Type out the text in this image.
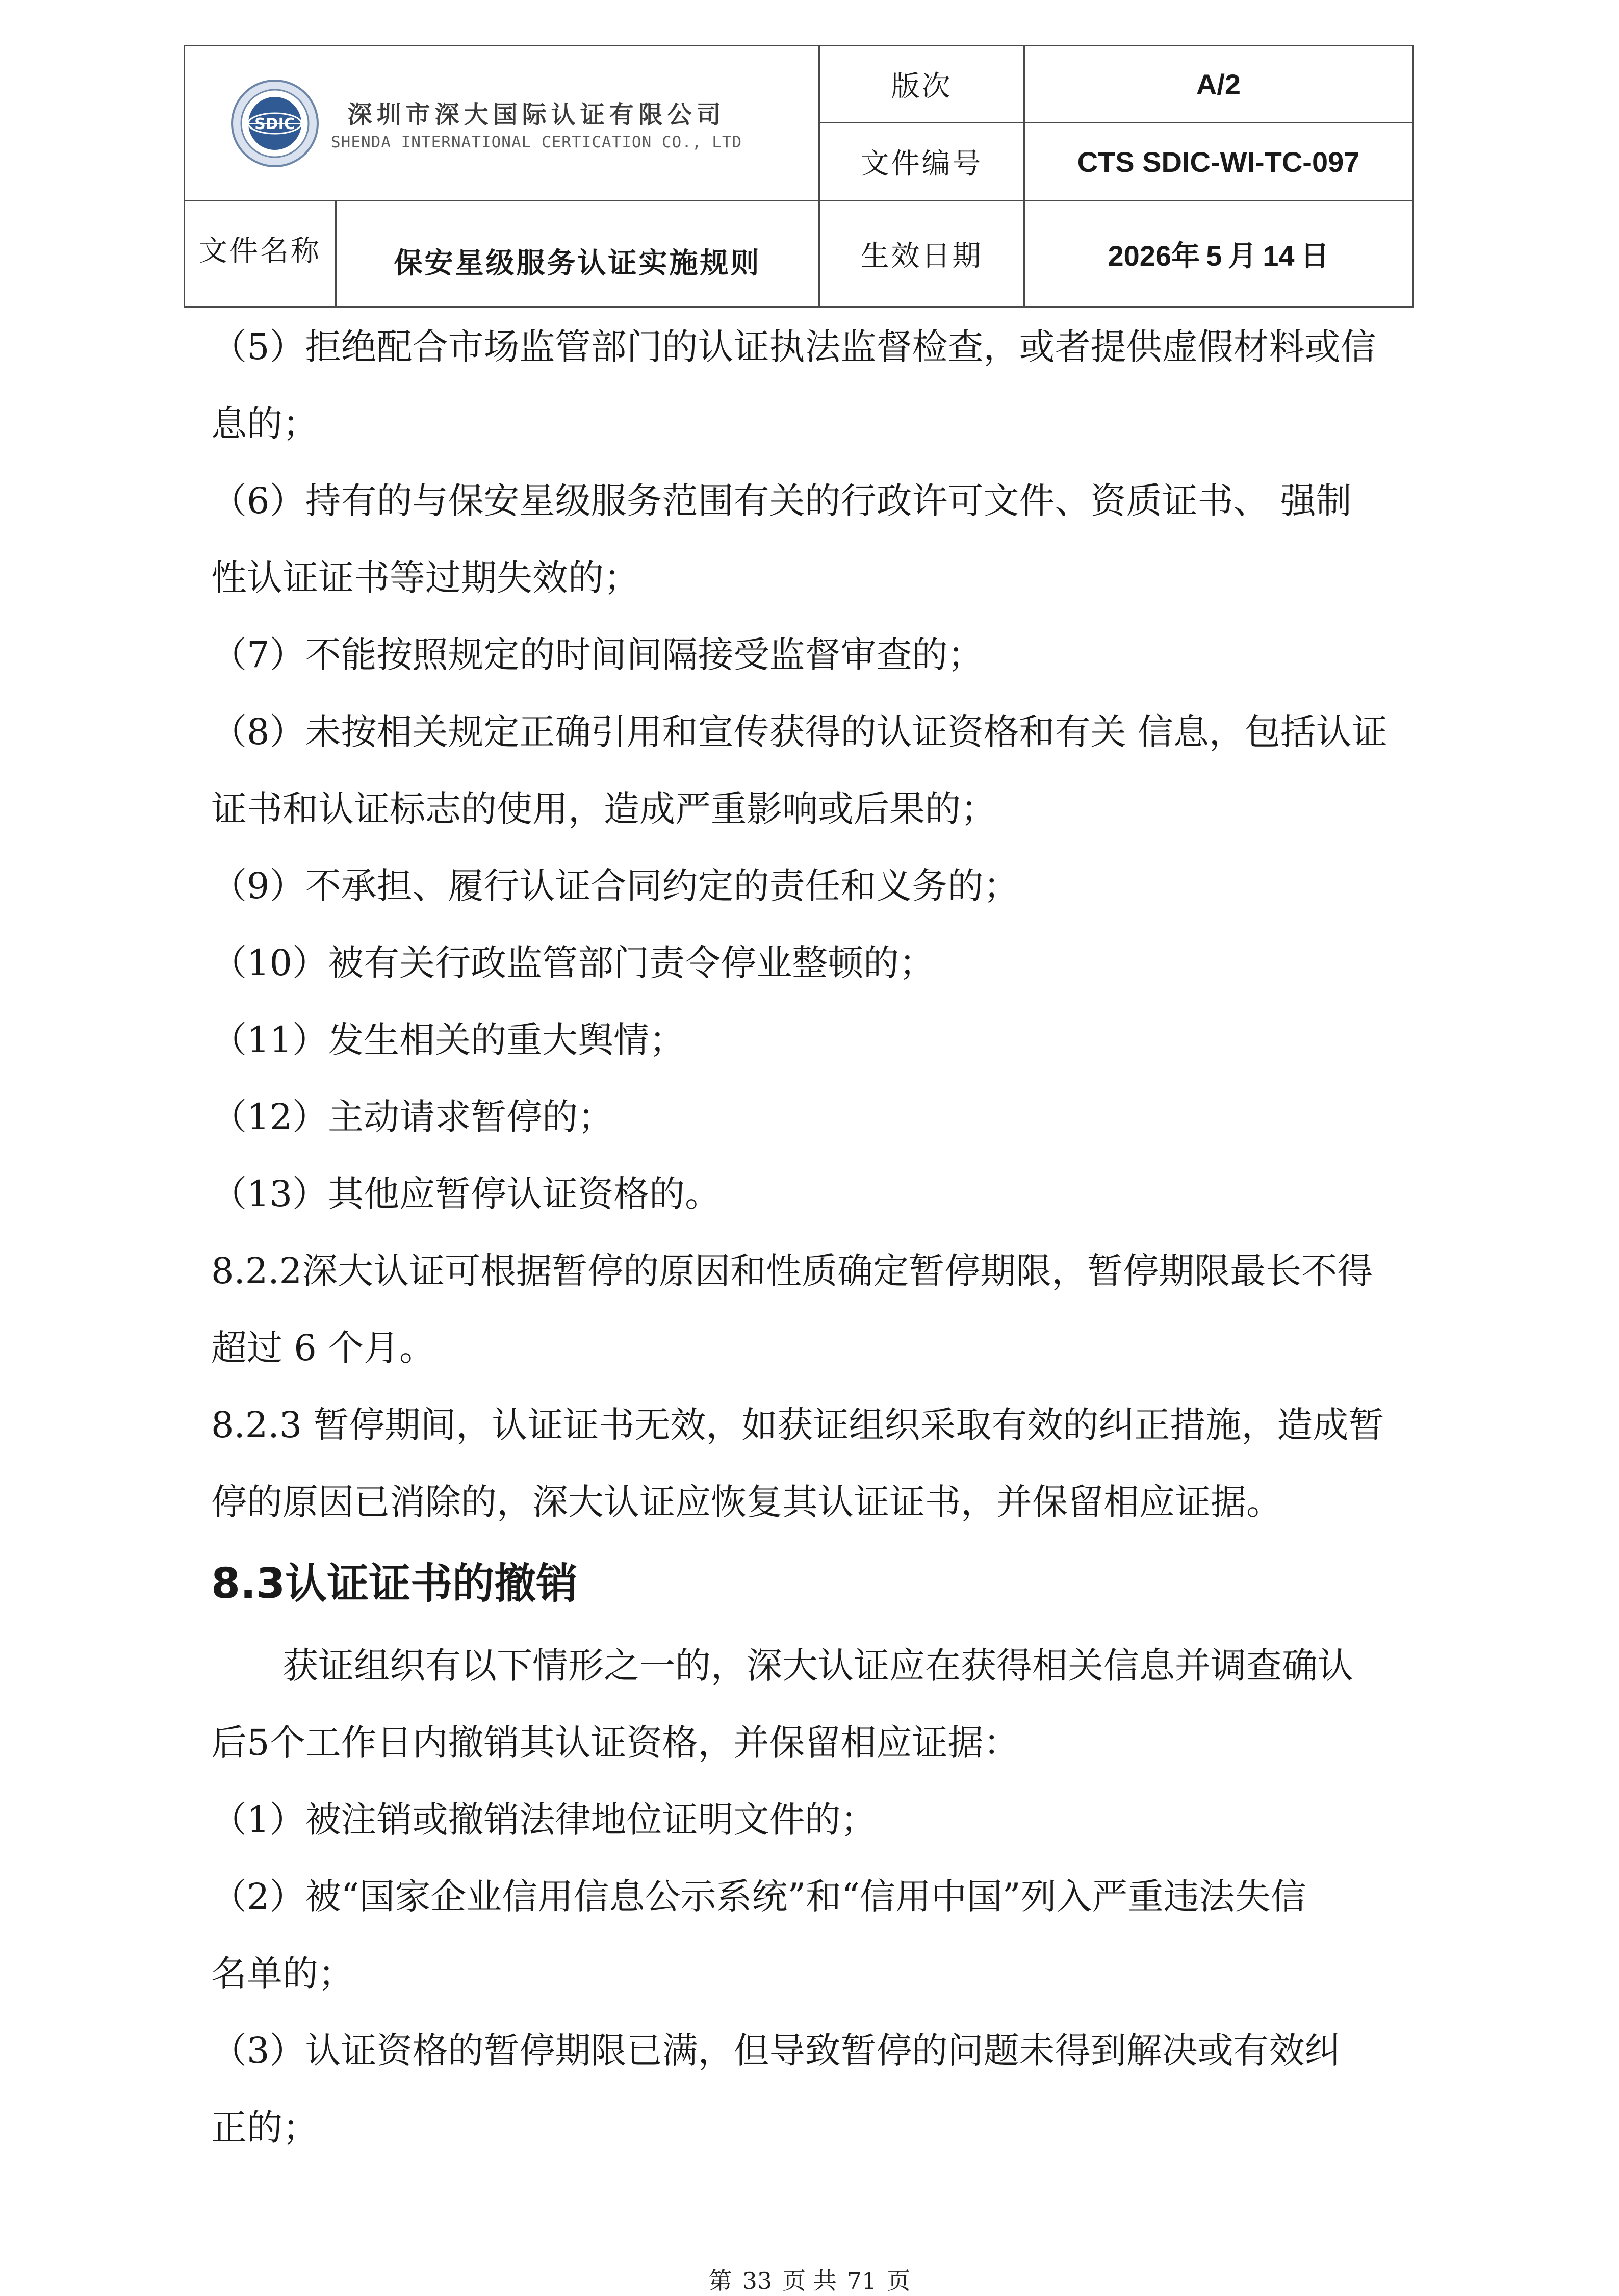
SDIC	深圳市深大国际认证有限公司
SHENDA INTERNATIONAL CERTICATION CO., LTD
版次	A/2
文件编号	CTS SDIC-WI-TC-097
文件名称	保安星级服务认证实施规则	生效日期	2026年 5 月 14 日

（5）拒绝配合市场监管部门的认证执法监督检查，或者提供虚假材料或信

息的；

（6）持有的与保安星级服务范围有关的行政许可文件、资质证书、 强制

性认证证书等过期失效的；

（7）不能按照规定的时间间隔接受监督审查的；

（8）未按相关规定正确引用和宣传获得的认证资格和有关 信息，包括认证

证书和认证标志的使用，造成严重影响或后果的；

（9）不承担、履行认证合同约定的责任和义务的；

（10）被有关行政监管部门责令停业整顿的；

（11）发生相关的重大舆情；

（12）主动请求暂停的；

（13）其他应暂停认证资格的。

8.2.2深大认证可根据暂停的原因和性质确定暂停期限，暂停期限最长不得

超过 6 个月。

8.2.3 暂停期间，认证证书无效，如获证组织采取有效的纠正措施，造成暂

停的原因已消除的，深大认证应恢复其认证证书，并保留相应证据。

8.3认证证书的撤销

获证组织有以下情形之一的，深大认证应在获得相关信息并调查确认

后5个工作日内撤销其认证资格，并保留相应证据：

（1）被注销或撤销法律地位证明文件的；

（2）被“国家企业信用信息公示系统”和“信用中国”列入严重违法失信

名单的；

（3）认证资格的暂停期限已满，但导致暂停的问题未得到解决或有效纠

正的；

第 33 页 共 71 页
